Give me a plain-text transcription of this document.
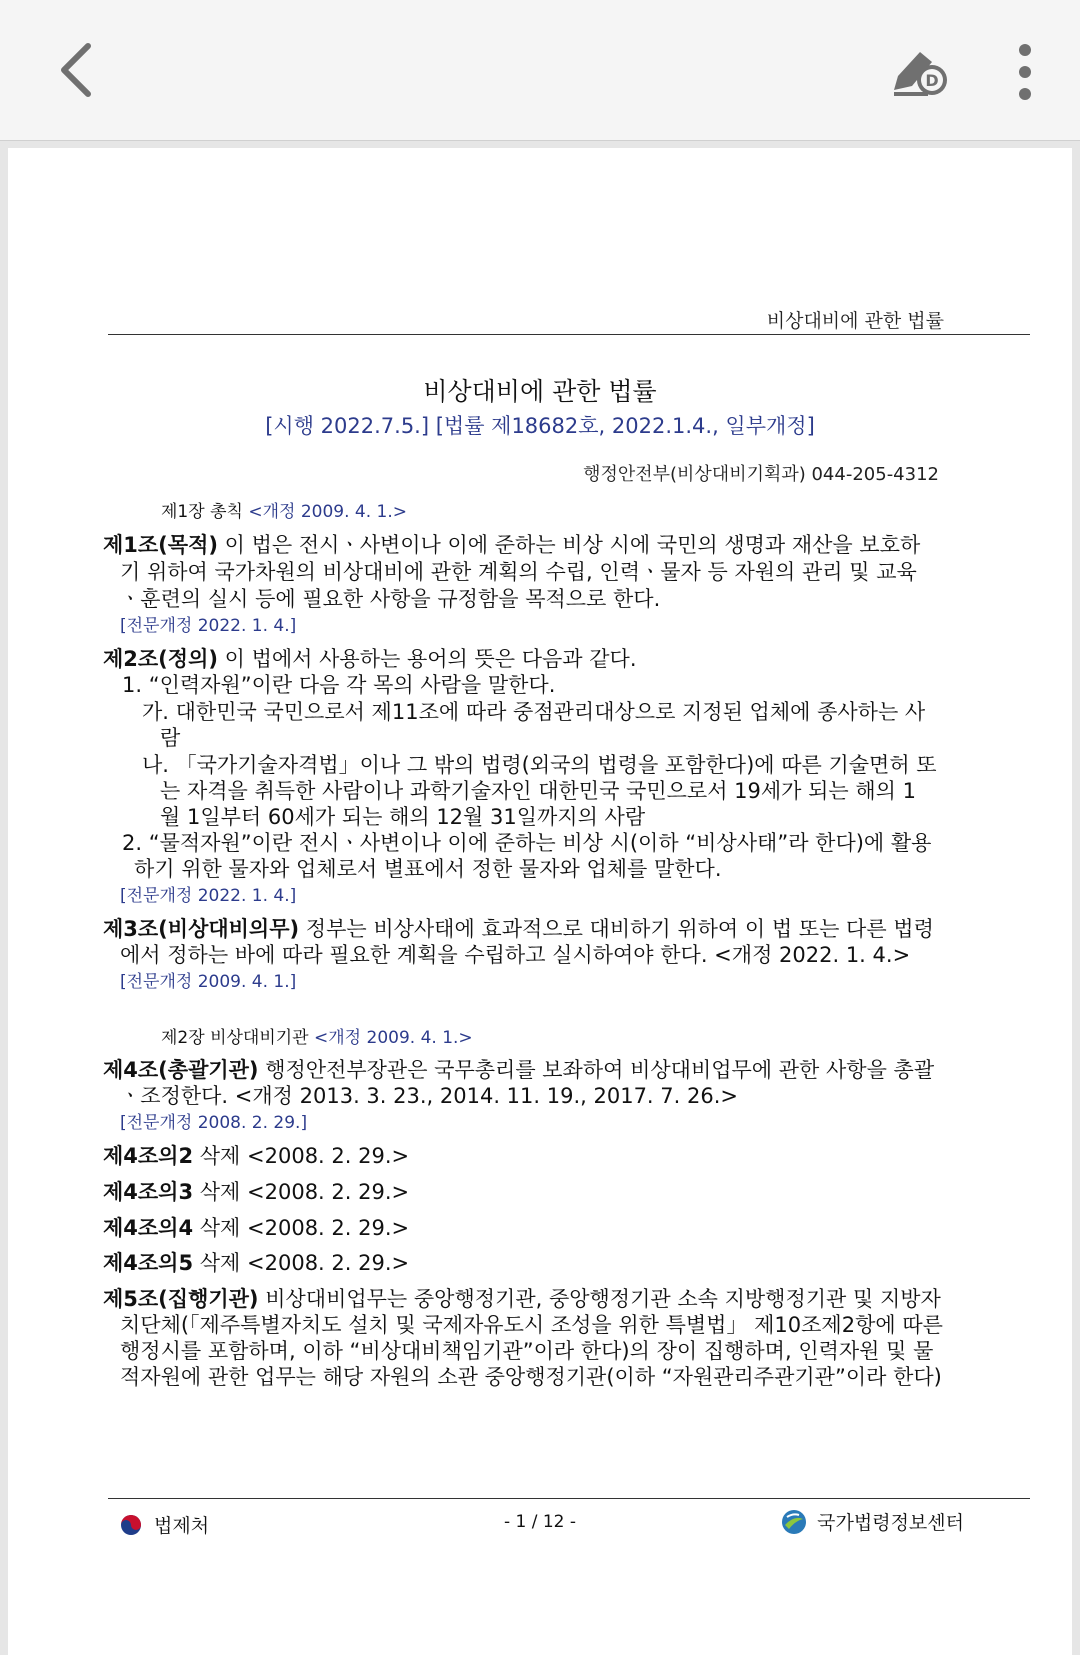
D
비상대비에 관한 법률
비상대비에 관한 법률
[시행 2022.7.5.] [법률 제18682호, 2022.1.4., 일부개정]
행정안전부(비상대비기획과) 044-205-4312
제1장 총칙 <개정 2009. 4. 1.>
제1조(목적) 이 법은 전시ㆍ사변이나 이에 준하는 비상 시에 국민의 생명과 재산을 보호하
기 위하여 국가차원의 비상대비에 관한 계획의 수립, 인력ㆍ물자 등 자원의 관리 및 교육
ㆍ훈련의 실시 등에 필요한 사항을 규정함을 목적으로 한다.
[전문개정 2022. 1. 4.]
제2조(정의) 이 법에서 사용하는 용어의 뜻은 다음과 같다.
1. “인력자원”이란 다음 각 목의 사람을 말한다.
가. 대한민국 국민으로서 제11조에 따라 중점관리대상으로 지정된 업체에 종사하는 사
람
나. 「국가기술자격법」이나 그 밖의 법령(외국의 법령을 포함한다)에 따른 기술면허 또
는 자격을 취득한 사람이나 과학기술자인 대한민국 국민으로서 19세가 되는 해의 1
월 1일부터 60세가 되는 해의 12월 31일까지의 사람
2. “물적자원”이란 전시ㆍ사변이나 이에 준하는 비상 시(이하 “비상사태”라 한다)에 활용
하기 위한 물자와 업체로서 별표에서 정한 물자와 업체를 말한다.
[전문개정 2022. 1. 4.]
제3조(비상대비의무) 정부는 비상사태에 효과적으로 대비하기 위하여 이 법 또는 다른 법령
에서 정하는 바에 따라 필요한 계획을 수립하고 실시하여야 한다. <개정 2022. 1. 4.>
[전문개정 2009. 4. 1.]
제2장 비상대비기관 <개정 2009. 4. 1.>
제4조(총괄기관) 행정안전부장관은 국무총리를 보좌하여 비상대비업무에 관한 사항을 총괄
ㆍ조정한다. <개정 2013. 3. 23., 2014. 11. 19., 2017. 7. 26.>
[전문개정 2008. 2. 29.]
제4조의2 삭제 <2008. 2. 29.>
제4조의3 삭제 <2008. 2. 29.>
제4조의4 삭제 <2008. 2. 29.>
제4조의5 삭제 <2008. 2. 29.>
제5조(집행기관) 비상대비업무는 중앙행정기관, 중앙행정기관 소속 지방행정기관 및 지방자
치단체(「제주특별자치도 설치 및 국제자유도시 조성을 위한 특별법」 제10조제2항에 따른
행정시를 포함하며, 이하 “비상대비책임기관”이라 한다)의 장이 집행하며, 인력자원 및 물
적자원에 관한 업무는 해당 자원의 소관 중앙행정기관(이하 “자원관리주관기관”이라 한다)
법제처	- 1 / 12 -	국가법령정보센터
